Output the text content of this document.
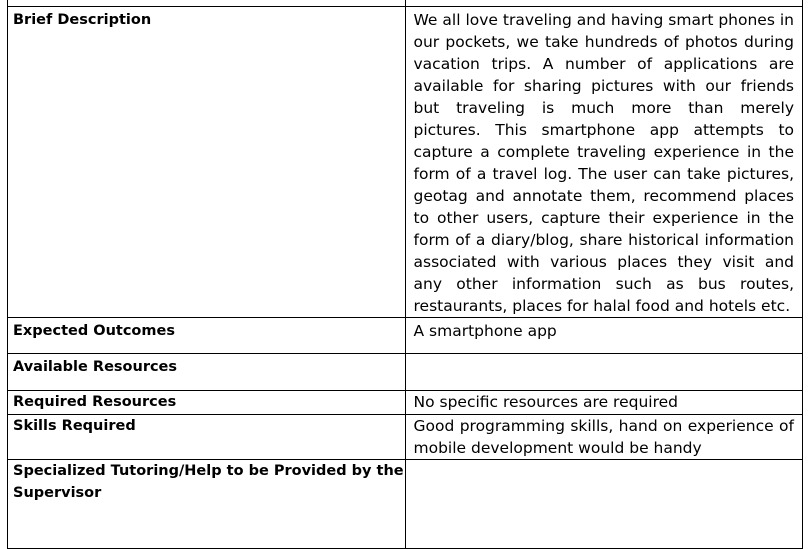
Brief Description	We all love traveling and having smart phones in our pockets, we take hundreds of photos during vacation trips. A number of applications are available for sharing pictures with our friends but traveling is much more than merely pictures. This smartphone app attempts to capture a complete traveling experience in the form of a travel log. The user can take pictures, geotag and annotate them, recommend places to other users, capture their experience in the form of a diary/blog, share historical information associated with various places they visit and any other information such as bus routes, restaurants, places for halal food and hotels etc.
Expected Outcomes	A smartphone app
Available Resources	
Required Resources	No specific resources are required
Skills Required	Good programming skills, hand on experience of mobile development would be handy
Specialized Tutoring/Help to be Provided by the Supervisor	
